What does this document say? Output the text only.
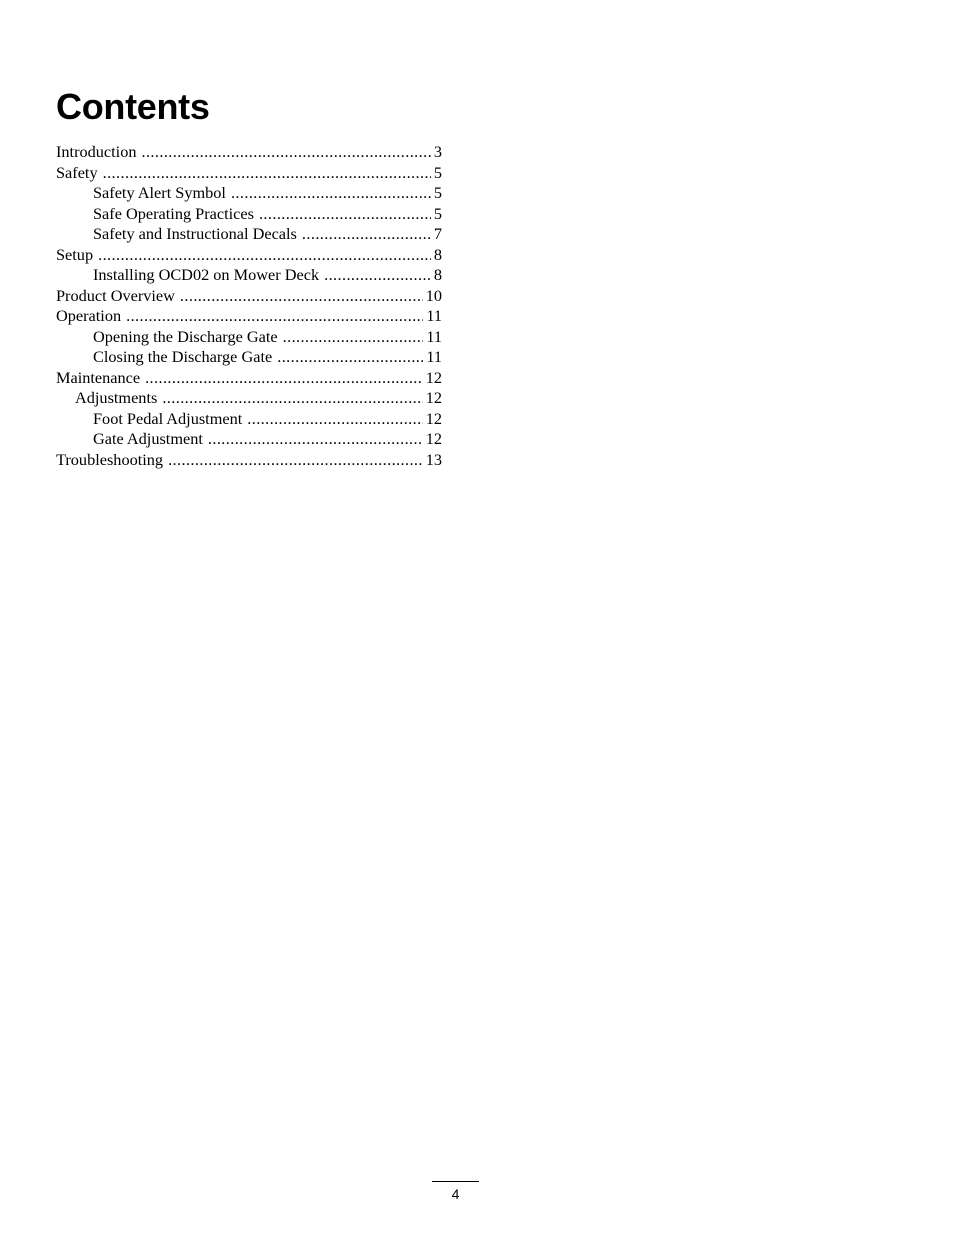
Contents
Introduction .....	3
Safety .....	5
Safety Alert Symbol .....	5
Safe Operating Practices .....	5
Safety and Instructional Decals .....	7
Setup .....	8
Installing OCD02 on Mower Deck .....	8
Product Overview .....	10
Operation .....	11
Opening the Discharge Gate .....	11
Closing the Discharge Gate .....	11
Maintenance .....	12
Adjustments .....	12
Foot Pedal Adjustment .....	12
Gate Adjustment .....	12
Troubleshooting .....	13
4
